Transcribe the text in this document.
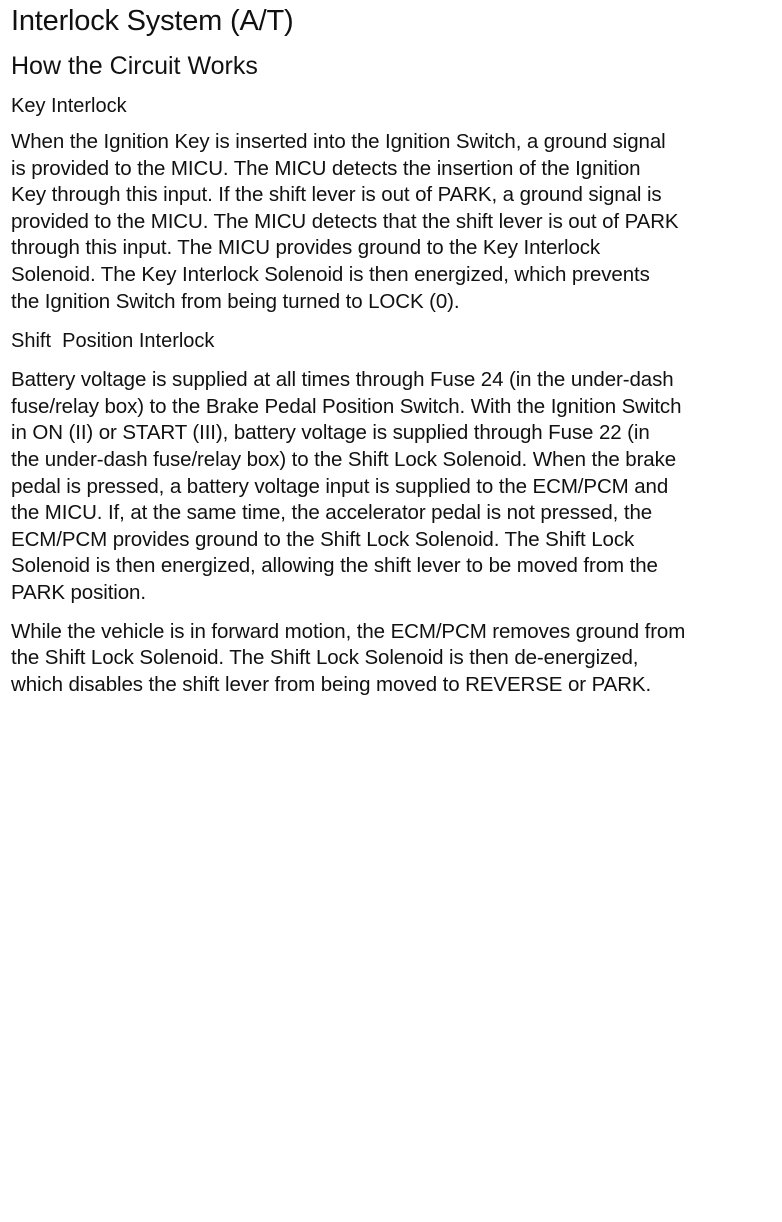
Interlock System (A/T)
How the Circuit Works
Key Interlock

When the Ignition Key is inserted into the Ignition Switch, a ground signal
is provided to the MICU. The MICU detects the insertion of the Ignition
Key through this input. If the shift lever is out of PARK, a ground signal is
provided to the MICU. The MICU detects that the shift lever is out of PARK
through this input. The MICU provides ground to the Key Interlock
Solenoid. The Key Interlock Solenoid is then energized, which prevents
the Ignition Switch from being turned to LOCK (0).

Shift  Position Interlock

Battery voltage is supplied at all times through Fuse 24 (in the under-dash
fuse/relay box) to the Brake Pedal Position Switch. With the Ignition Switch
in ON (II) or START (III), battery voltage is supplied through Fuse 22 (in
the under-dash fuse/relay box) to the Shift Lock Solenoid. When the brake
pedal is pressed, a battery voltage input is supplied to the ECM/PCM and
the MICU. If, at the same time, the accelerator pedal is not pressed, the
ECM/PCM provides ground to the Shift Lock Solenoid. The Shift Lock
Solenoid is then energized, allowing the shift lever to be moved from the
PARK position.

While the vehicle is in forward motion, the ECM/PCM removes ground from
the Shift Lock Solenoid. The Shift Lock Solenoid is then de-energized,
which disables the shift lever from being moved to REVERSE or PARK.
